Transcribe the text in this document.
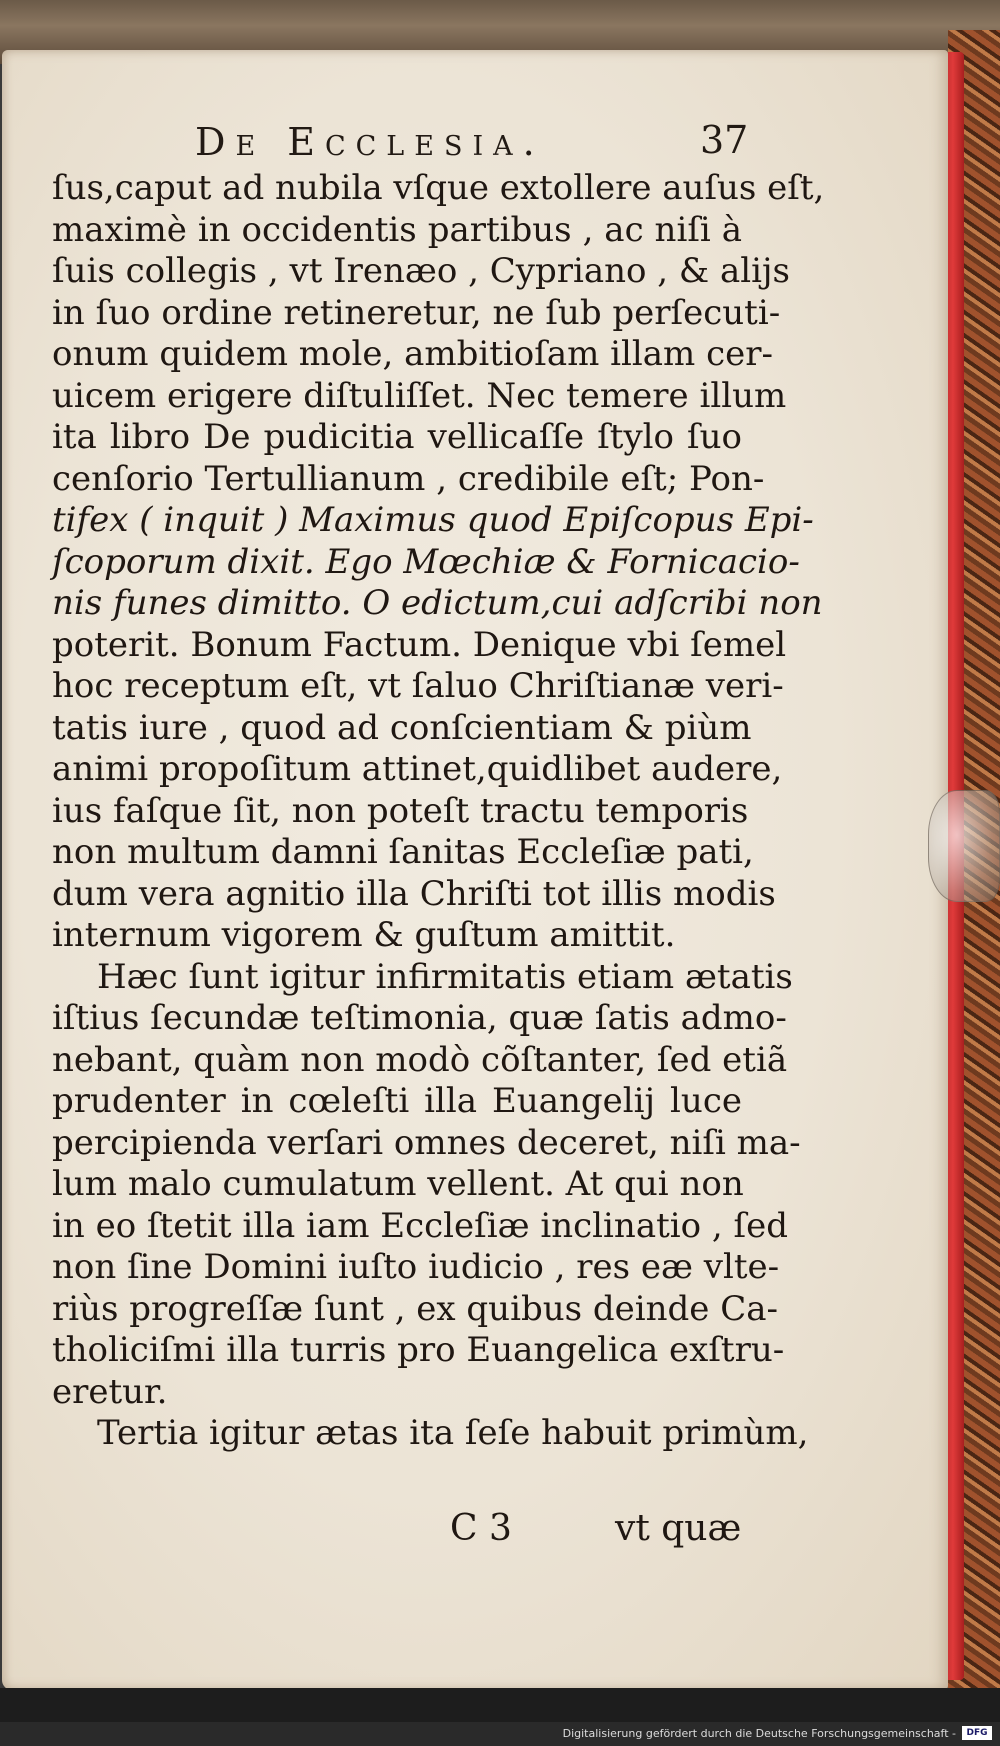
De Ecclesia.	37
ſus,caput ad nubila vſque extollere auſus eſt,
maximè in occidentis partibus , ac niſi à
ſuis collegis , vt Irenæo , Cypriano , & alijs
in ſuo ordine retineretur, ne ſub perſecuti-
onum quidem mole, ambitioſam illam cer-
uicem erigere diſtuliſſet. Nec temere illum
ita libro De pudicitia vellicaſſe ſtylo ſuo
cenſorio Tertullianum , credibile eſt; Pon-
tifex ( inquit ) Maximus quod Epiſcopus Epi-
ſcoporum dixit. Ego Mœchiæ & Fornicacio-
nis funes dimitto. O edictum,cui adſcribi non
poterit. Bonum Factum. Denique vbi ſemel
hoc receptum eſt, vt ſaluo Chriſtianæ veri-
tatis iure , quod ad conſcientiam & piùm
animi propoſitum attinet,quidlibet audere,
ius faſque ſit, non poteſt tractu temporis
non multum damni ſanitas Eccleſiæ pati,
dum vera agnitio illa Chriſti tot illis modis
internum vigorem & guſtum amittit.
Hæc ſunt igitur infirmitatis etiam ætatis
iſtius ſecundæ teſtimonia, quæ ſatis admo-
nebant, quàm non modò cõſtanter, ſed etiã
prudenter in cœleſti illa Euangelij luce
percipienda verſari omnes deceret, niſi ma-
lum malo cumulatum vellent. At qui non
in eo ſtetit illa iam Eccleſiæ inclinatio , ſed
non ſine Domini iuſto iudicio , res eæ vlte-
riùs progreſſæ ſunt , ex quibus deinde Ca-
tholiciſmi illa turris pro Euangelica exſtru-
eretur.
Tertia igitur ætas ita ſeſe habuit primùm,
C 3	vt quæ
Digitalisierung gefördert durch die Deutsche Forschungsgemeinschaft -	DFG
